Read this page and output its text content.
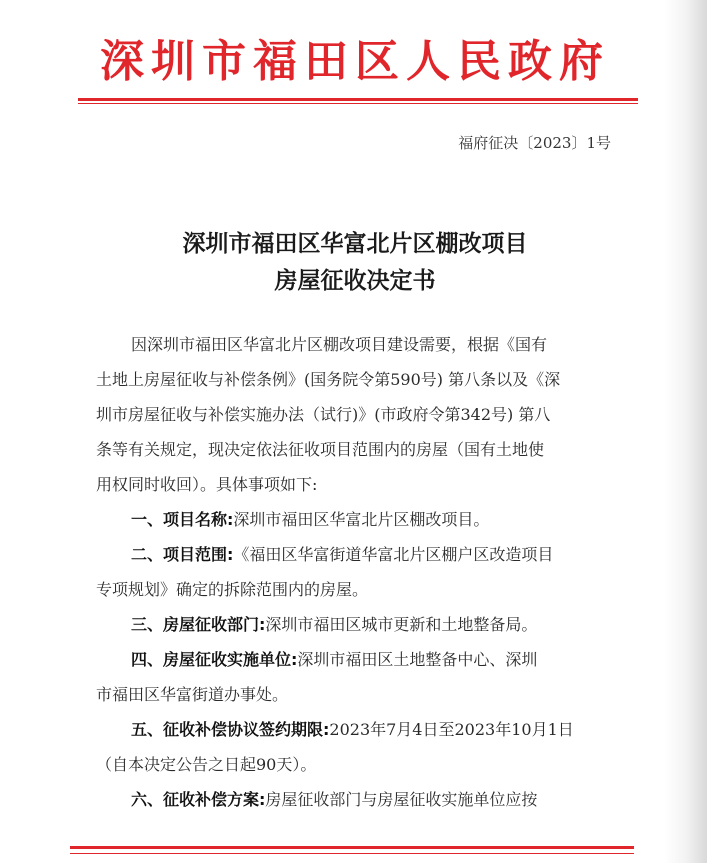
深圳市福田区人民政府
福府征决〔2023〕1号
深圳市福田区华富北片区棚改项目
房屋征收决定书
因深圳市福田区华富北片区棚改项目建设需要，根据《国有
土地上房屋征收与补偿条例》(国务院令第590号) 第八条以及《深
圳市房屋征收与补偿实施办法（试行)》(市政府令第342号) 第八
条等有关规定，现决定依法征收项目范围内的房屋（国有土地使
用权同时收回）。具体事项如下:
一、项目名称:深圳市福田区华富北片区棚改项目。
二、项目范围:《福田区华富街道华富北片区棚户区改造项目
专项规划》确定的拆除范围内的房屋。
三、房屋征收部门:深圳市福田区城市更新和土地整备局。
四、房屋征收实施单位:深圳市福田区土地整备中心、深圳
市福田区华富街道办事处。
五、征收补偿协议签约期限:2023年7月4日至2023年10月1日
（自本决定公告之日起90天）。
六、征收补偿方案:房屋征收部门与房屋征收实施单位应按
